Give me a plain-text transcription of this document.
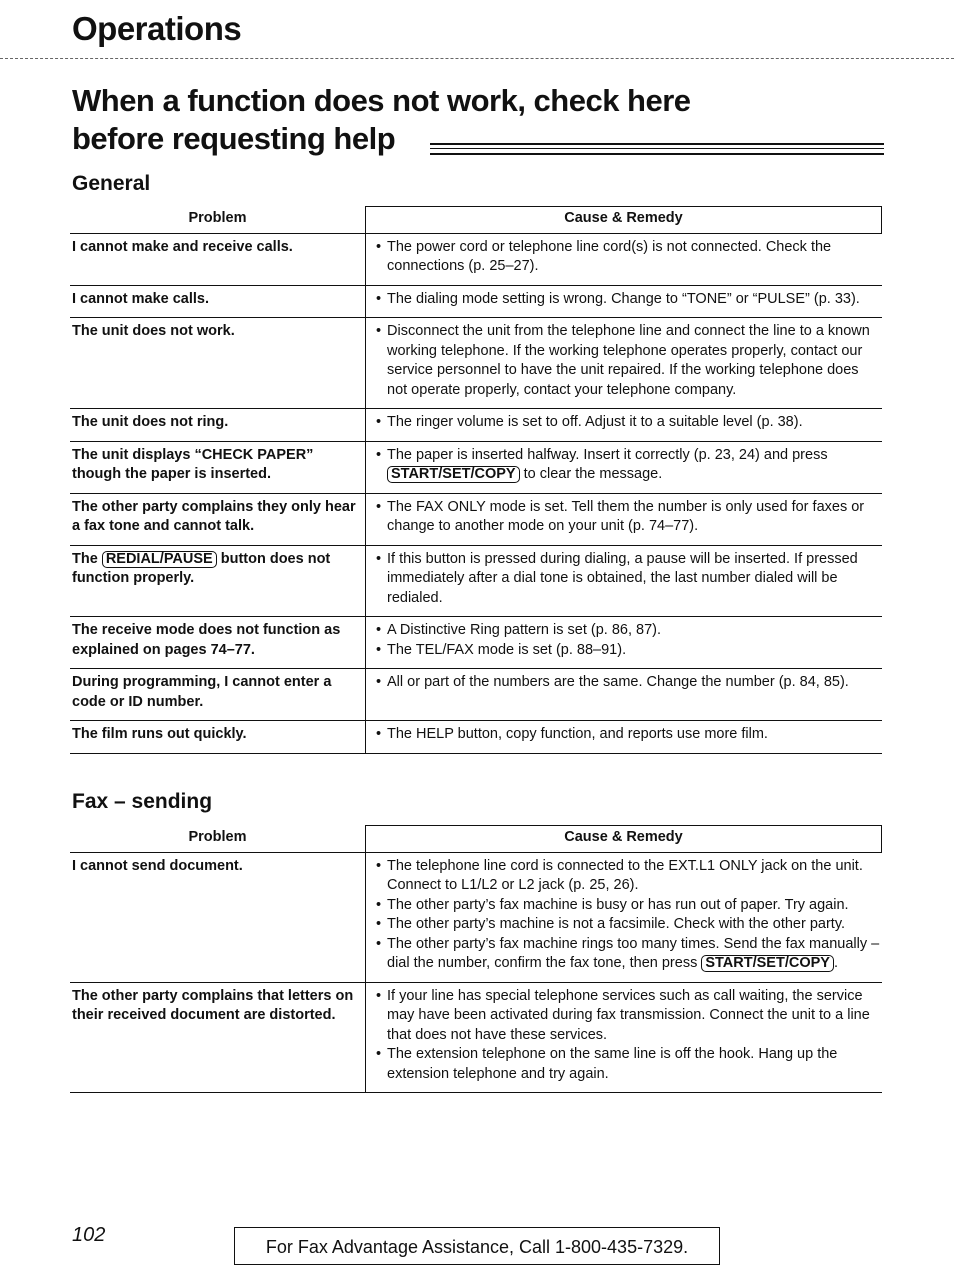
Operations
When a function does not work, check here
before requesting help
General
Problem	Cause & Remedy
I cannot make and receive calls.	• The power cord or telephone line cord(s) is not connected. Check the connections (p. 25–27).

I cannot make calls.	• The dialing mode setting is wrong. Change to “TONE” or “PULSE” (p. 33).

The unit does not work.	• Disconnect the unit from the telephone line and connect the line to a known working telephone. If the working telephone operates properly, contact our service personnel to have the unit repaired. If the working telephone does not operate properly, contact your telephone company.

The unit does not ring.	• The ringer volume is set to off. Adjust it to a suitable level (p. 38).

The unit displays “CHECK PAPER” though the paper is inserted.	• The paper is inserted halfway. Insert it correctly (p. 23, 24) and press START/SET/COPY to clear the message.

The other party complains they only hear a fax tone and cannot talk.	• The FAX ONLY mode is set. Tell them the number is only used for faxes or change to another mode on your unit (p. 74–77).

The REDIAL/PAUSE button does not function properly.	• If this button is pressed during dialing, a pause will be inserted. If pressed immediately after a dial tone is obtained, the last number dialed will be redialed.

The receive mode does not function as explained on pages 74–77.	• A Distinctive Ring pattern is set (p. 86, 87).
• The TEL/FAX mode is set (p. 88–91).

During programming, I cannot enter a code or ID number.	• All or part of the numbers are the same. Change the number (p. 84, 85).

The film runs out quickly.	• The HELP button, copy function, and reports use more film.
Fax – sending
Problem	Cause & Remedy
I cannot send document.	• The telephone line cord is connected to the EXT.L1 ONLY jack on the unit. Connect to L1/L2 or L2 jack (p. 25, 26).
• The other party’s fax machine is busy or has run out of paper. Try again.
• The other party’s machine is not a facsimile. Check with the other party.
• The other party’s fax machine rings too many times. Send the fax manually – dial the number, confirm the fax tone, then press START/SET/COPY .

The other party complains that letters on their received document are distorted.	• If your line has special telephone services such as call waiting, the service may have been activated during fax transmission. Connect the unit to a line that does not have these services.
• The extension telephone on the same line is off the hook. Hang up the extension telephone and try again.
102
For Fax Advantage Assistance, Call 1-800-435-7329.
